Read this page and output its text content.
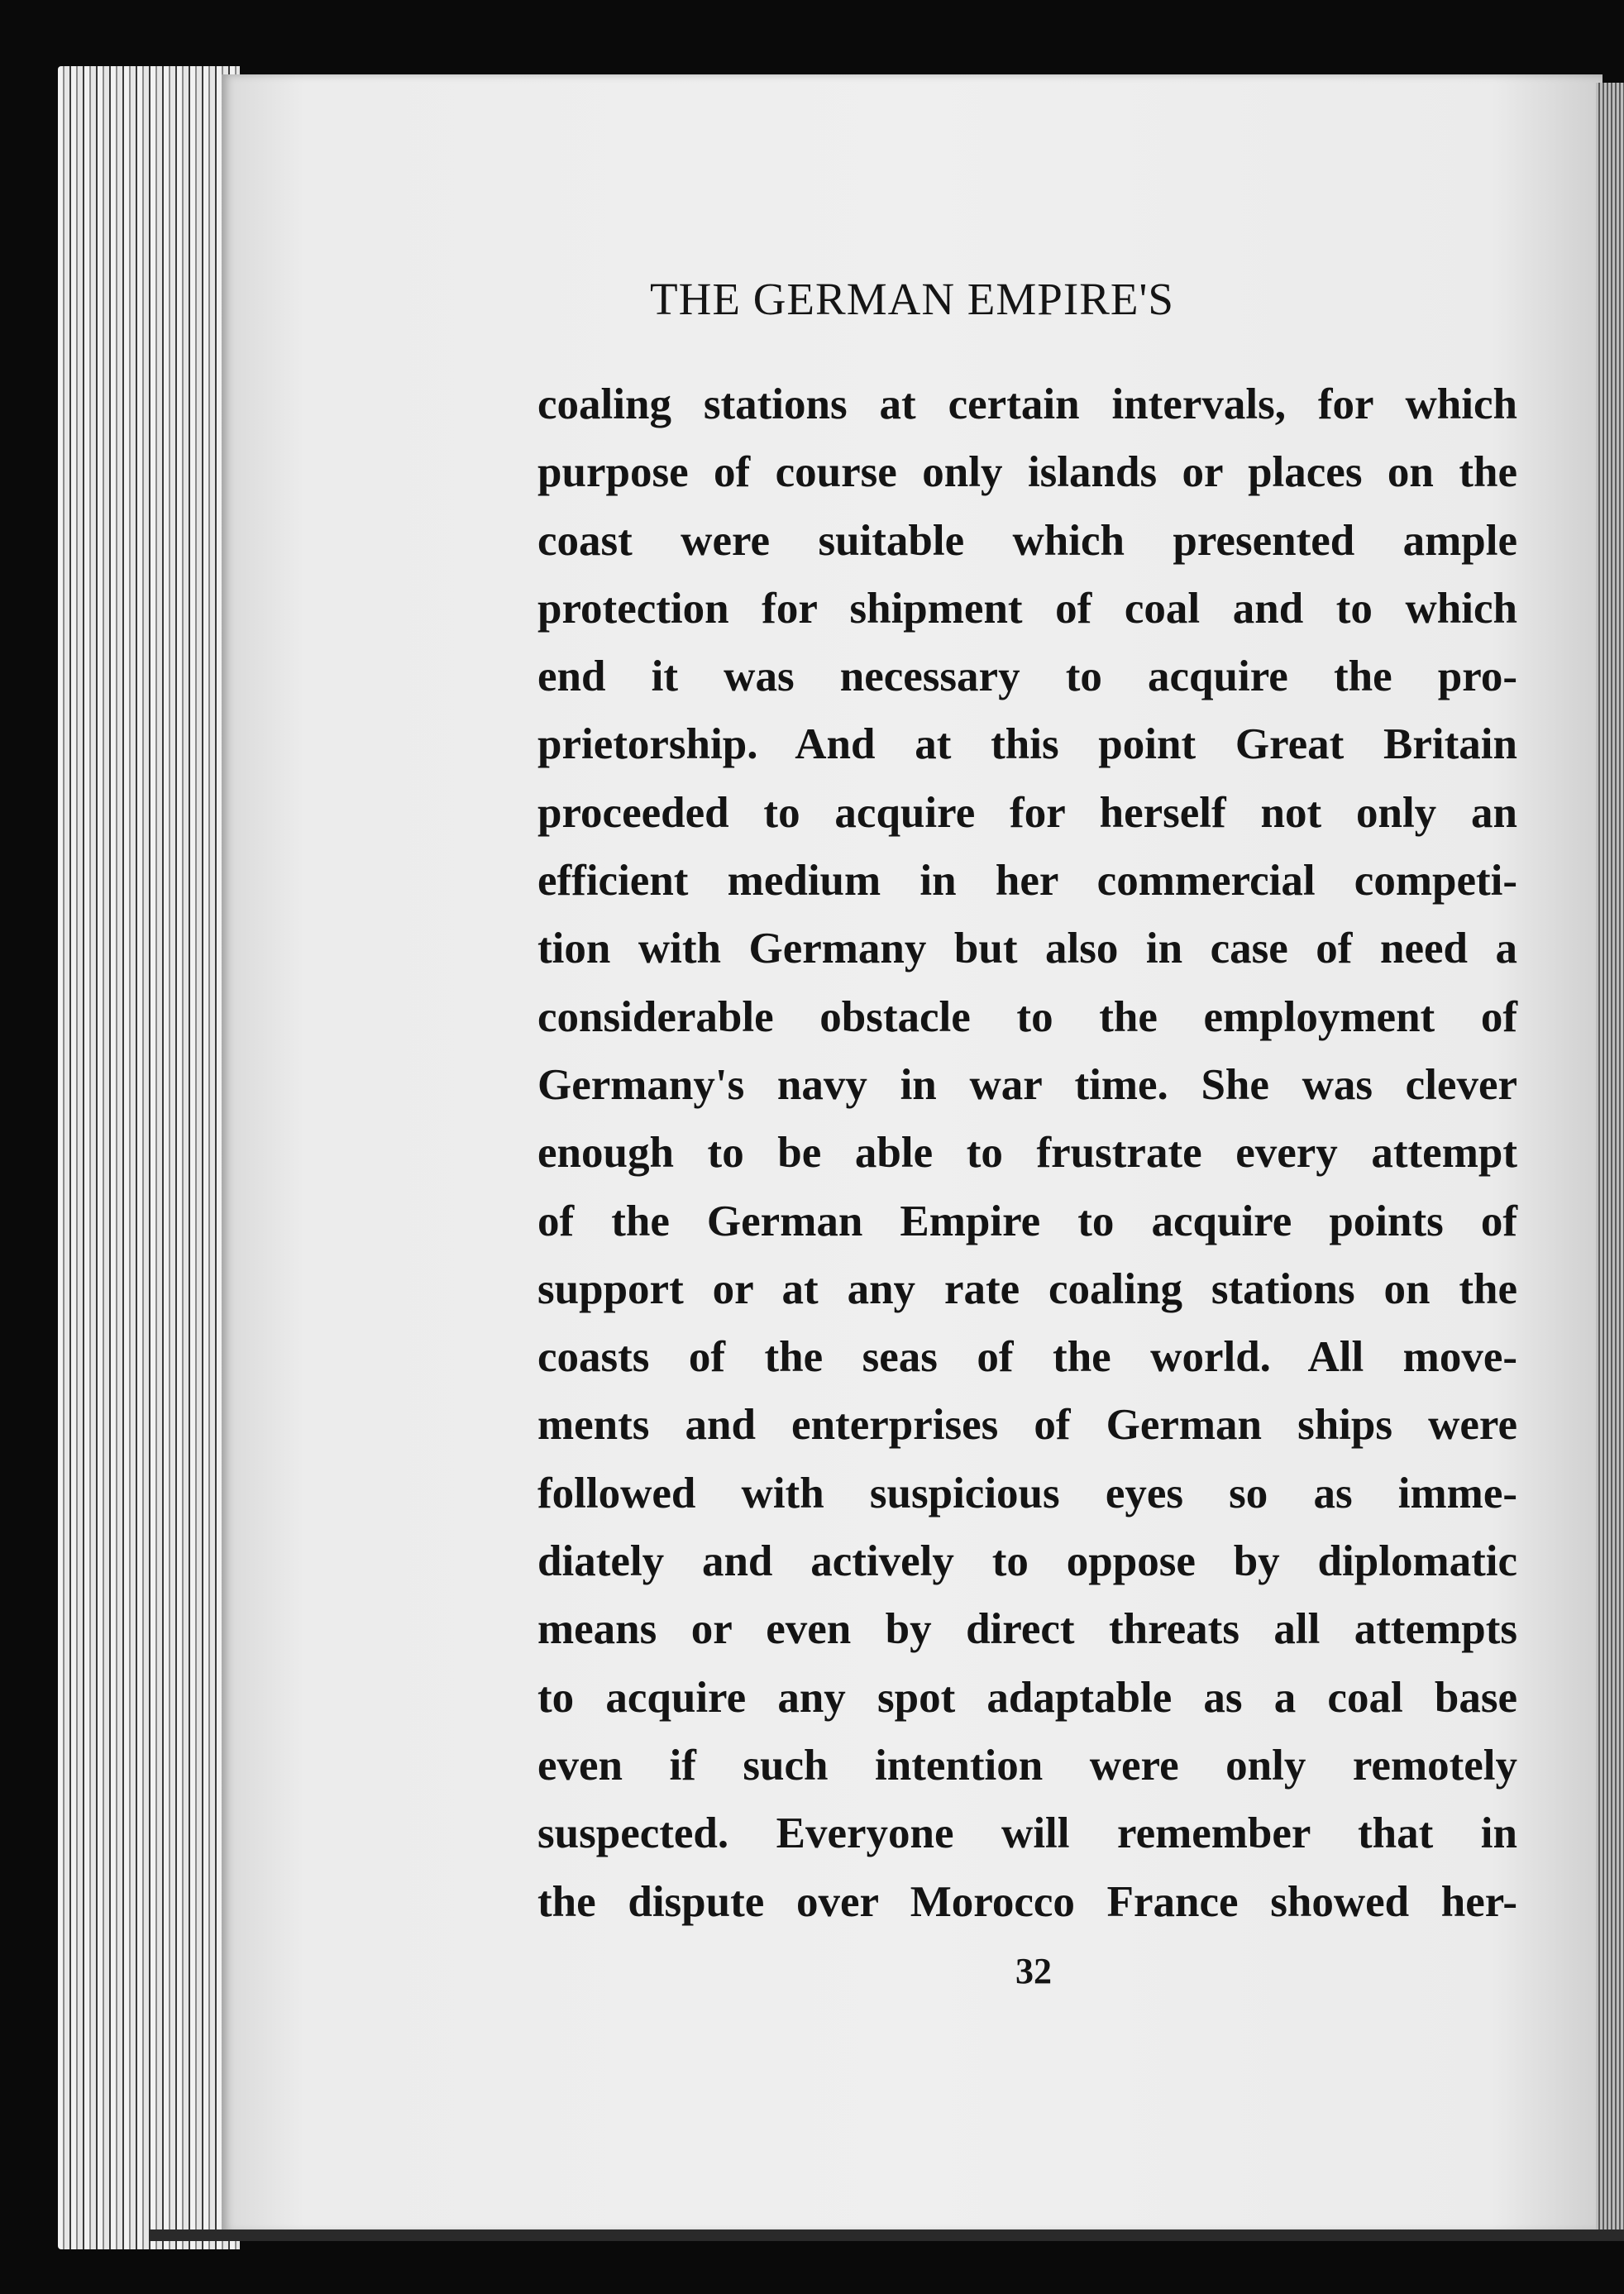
THE GERMAN EMPIRE'S
coaling stations at certain intervals, for which
purpose of course only islands or places on the
coast were suitable which presented ample
protection for shipment of coal and to which
end it was necessary to acquire the pro-
prietorship. And at this point Great Britain
proceeded to acquire for herself not only an
efficient medium in her commercial competi-
tion with Germany but also in case of need a
considerable obstacle to the employment of
Germany's navy in war time. She was clever
enough to be able to frustrate every attempt
of the German Empire to acquire points of
support or at any rate coaling stations on the
coasts of the seas of the world. All move-
ments and enterprises of German ships were
followed with suspicious eyes so as imme-
diately and actively to oppose by diplomatic
means or even by direct threats all attempts
to acquire any spot adaptable as a coal base
even if such intention were only remotely
suspected. Everyone will remember that in
the dispute over Morocco France showed her-

32
